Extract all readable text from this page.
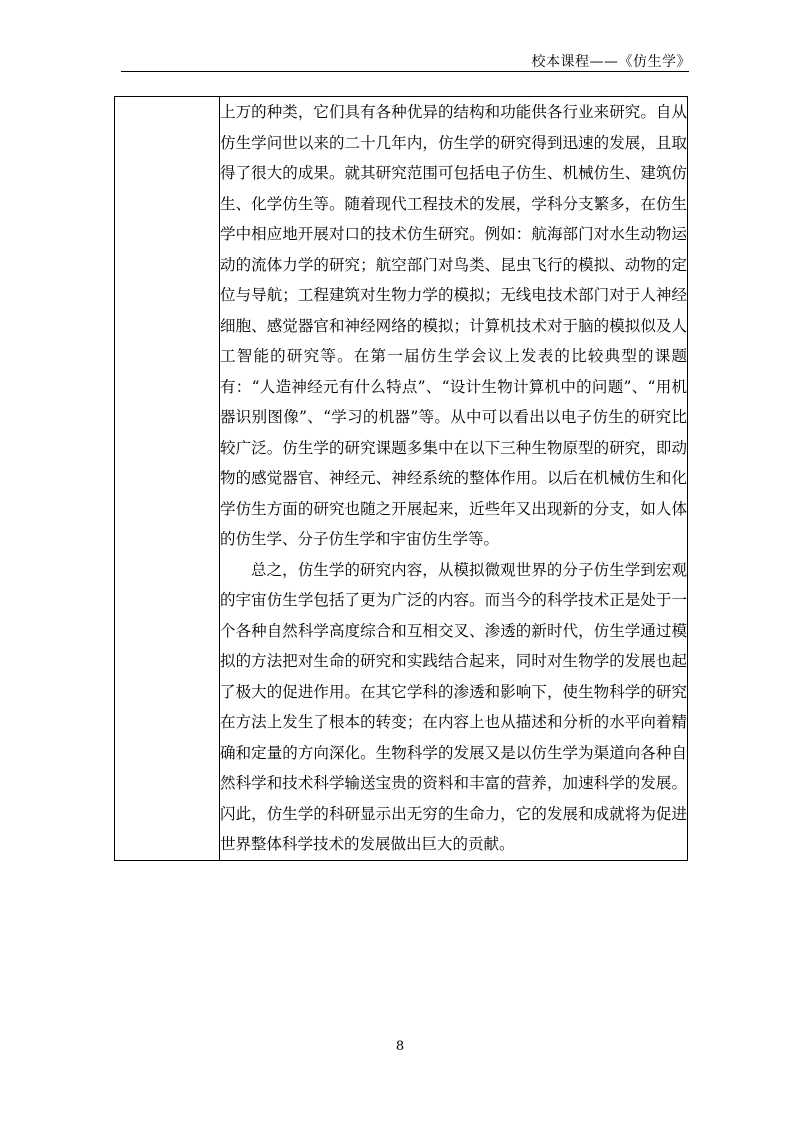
校本课程——《仿生学》

上万的种类，它们具有各种优异的结构和功能供各行业来研究。自从仿生学问世以来的二十几年内，仿生学的研究得到迅速的发展，且取得了很大的成果。就其研究范围可包括电子仿生、机械仿生、建筑仿生、化学仿生等。随着现代工程技术的发展，学科分支繁多，在仿生学中相应地开展对口的技术仿生研究。例如：航海部门对水生动物运动的流体力学的研究；航空部门对鸟类、昆虫飞行的模拟、动物的定位与导航；工程建筑对生物力学的模拟；无线电技术部门对于人神经细胞、感觉器官和神经网络的模拟；计算机技术对于脑的模拟似及人工智能的研究等。在第一届仿生学会议上发表的比较典型的课题有：“人造神经元有什么特点”、“设计生物计算机中的问题”、“用机器识别图像”、“学习的机器”等。从中可以看出以电子仿生的研究比较广泛。仿生学的研究课题多集中在以下三种生物原型的研究，即动物的感觉器官、神经元、神经系统的整体作用。以后在机械仿生和化学仿生方面的研究也随之开展起来，近些年又出现新的分支，如人体的仿生学、分子仿生学和宇宙仿生学等。

总之，仿生学的研究内容，从模拟微观世界的分子仿生学到宏观的宇宙仿生学包括了更为广泛的内容。而当今的科学技术正是处于一个各种自然科学高度综合和互相交叉、渗透的新时代，仿生学通过模拟的方法把对生命的研究和实践结合起来，同时对生物学的发展也起了极大的促进作用。在其它学科的渗透和影响下，使生物科学的研究在方法上发生了根本的转变；在内容上也从描述和分析的水平向着精确和定量的方向深化。生物科学的发展又是以仿生学为渠道向各种自然科学和技术科学输送宝贵的资料和丰富的营养，加速科学的发展。闪此，仿生学的科研显示出无穷的生命力，它的发展和成就将为促进世界整体科学技术的发展做出巨大的贡献。

8
